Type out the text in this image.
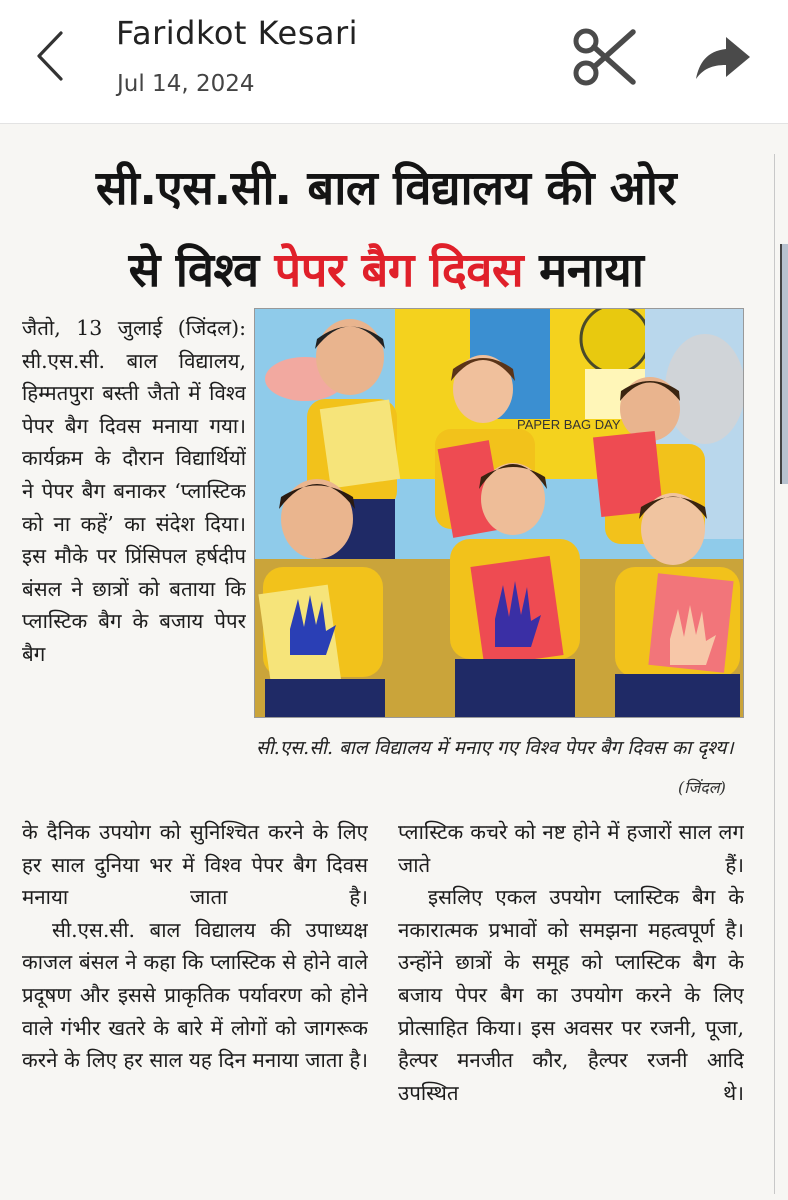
Faridkot Kesari
Jul 14, 2024
सी.एस.सी. बाल विद्यालय की ओर
से विश्व पेपर बैग दिवस मनाया

जैतो, 13 जुलाई (जिंदल): सी.एस.सी. बाल विद्यालय, हिम्मतपुरा बस्ती जैतो में विश्व पेपर बैग दिवस मनाया गया। कार्यक्रम के दौरान विद्यार्थियों ने पेपर बैग बनाकर ‘प्लास्टिक को ना कहें’ का संदेश दिया। इस मौके पर प्रिंसिपल हर्षदीप बंसल ने छात्रों को बताया कि प्लास्टिक बैग के बजाय पेपर बैग

PAPER BAG DAY
सी.एस.सी. बाल विद्यालय में मनाए गए विश्व पेपर बैग दिवस का दृश्य।
(जिंदल)

के दैनिक उपयोग को सुनिश्चित करने के लिए हर साल दुनिया भर में विश्व पेपर बैग दिवस मनाया जाता है।

सी.एस.सी. बाल विद्यालय की उपाध्यक्ष काजल बंसल ने कहा कि प्लास्टिक से होने वाले प्रदूषण और इससे प्राकृतिक पर्यावरण को होने वाले गंभीर खतरे के बारे में लोगों को जागरूक करने के लिए हर साल यह दिन मनाया जाता है।

प्लास्टिक कचरे को नष्ट होने में हजारों साल लग जाते हैं।

इसलिए एकल उपयोग प्लास्टिक बैग के नकारात्मक प्रभावों को समझना महत्वपूर्ण है। उन्होंने छात्रों के समूह को प्लास्टिक बैग के बजाय पेपर बैग का उपयोग करने के लिए प्रोत्साहित किया। इस अवसर पर रजनी, पूजा, हैल्पर मनजीत कौर, हैल्पर रजनी आदि उपस्थित थे।
